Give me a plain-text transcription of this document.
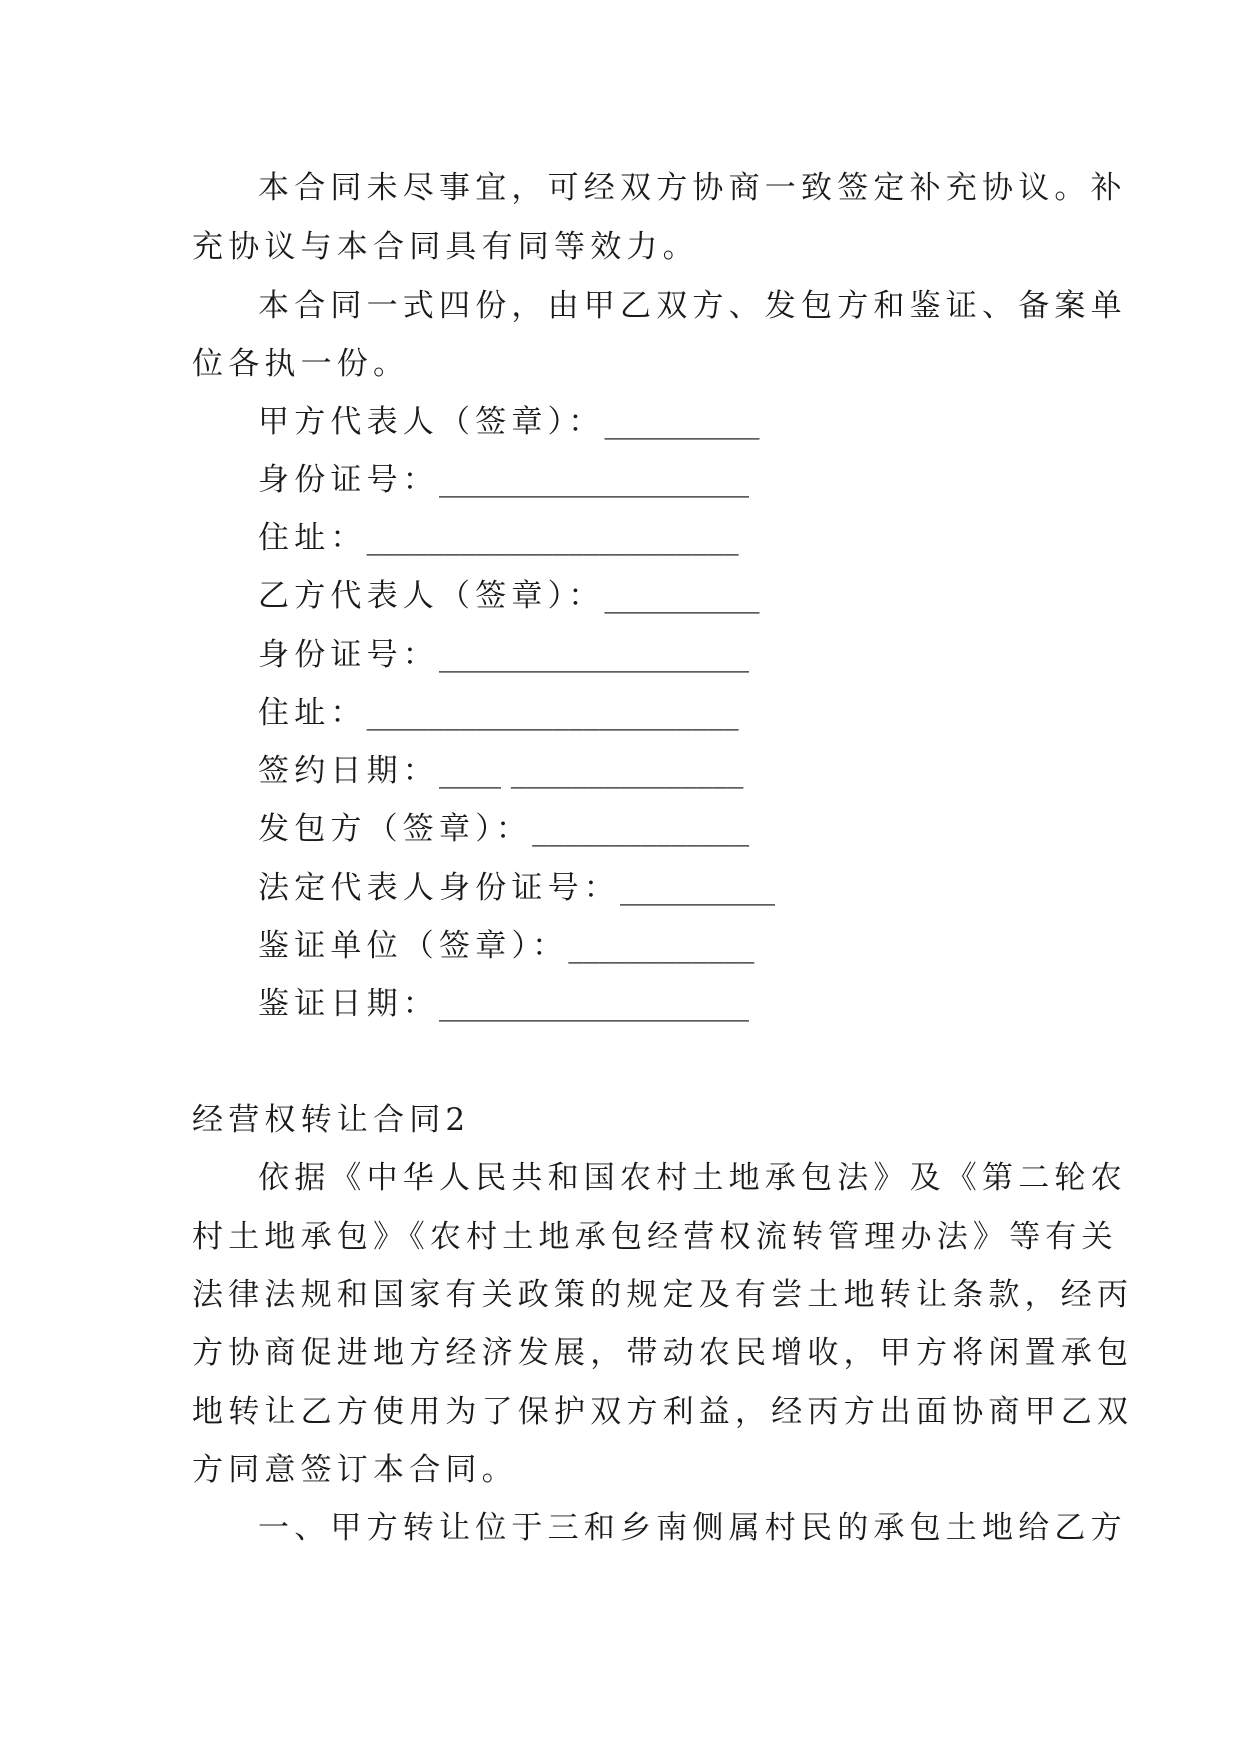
本合同未尽事宜，可经双方协商一致签定补充协议。补
充协议与本合同具有同等效力。
本合同一式四份，由甲乙双方、发包方和鉴证、备案单
位各执一份。
甲方代表人（签章）：__________
身份证号：____________________
住址：________________________
乙方代表人（签章）：__________
身份证号：____________________
住址：________________________
签约日期：____ _______________
发包方（签章）：______________
法定代表人身份证号：__________
鉴证单位（签章）：____________
鉴证日期：____________________
经营权转让合同2
依据《中华人民共和国农村土地承包法》及《第二轮农
村土地承包》《农村土地承包经营权流转管理办法》等有关
法律法规和国家有关政策的规定及有尝土地转让条款，经丙
方协商促进地方经济发展，带动农民增收，甲方将闲置承包
地转让乙方使用为了保护双方利益，经丙方出面协商甲乙双
方同意签订本合同。
一、甲方转让位于三和乡南侧属村民的承包土地给乙方
